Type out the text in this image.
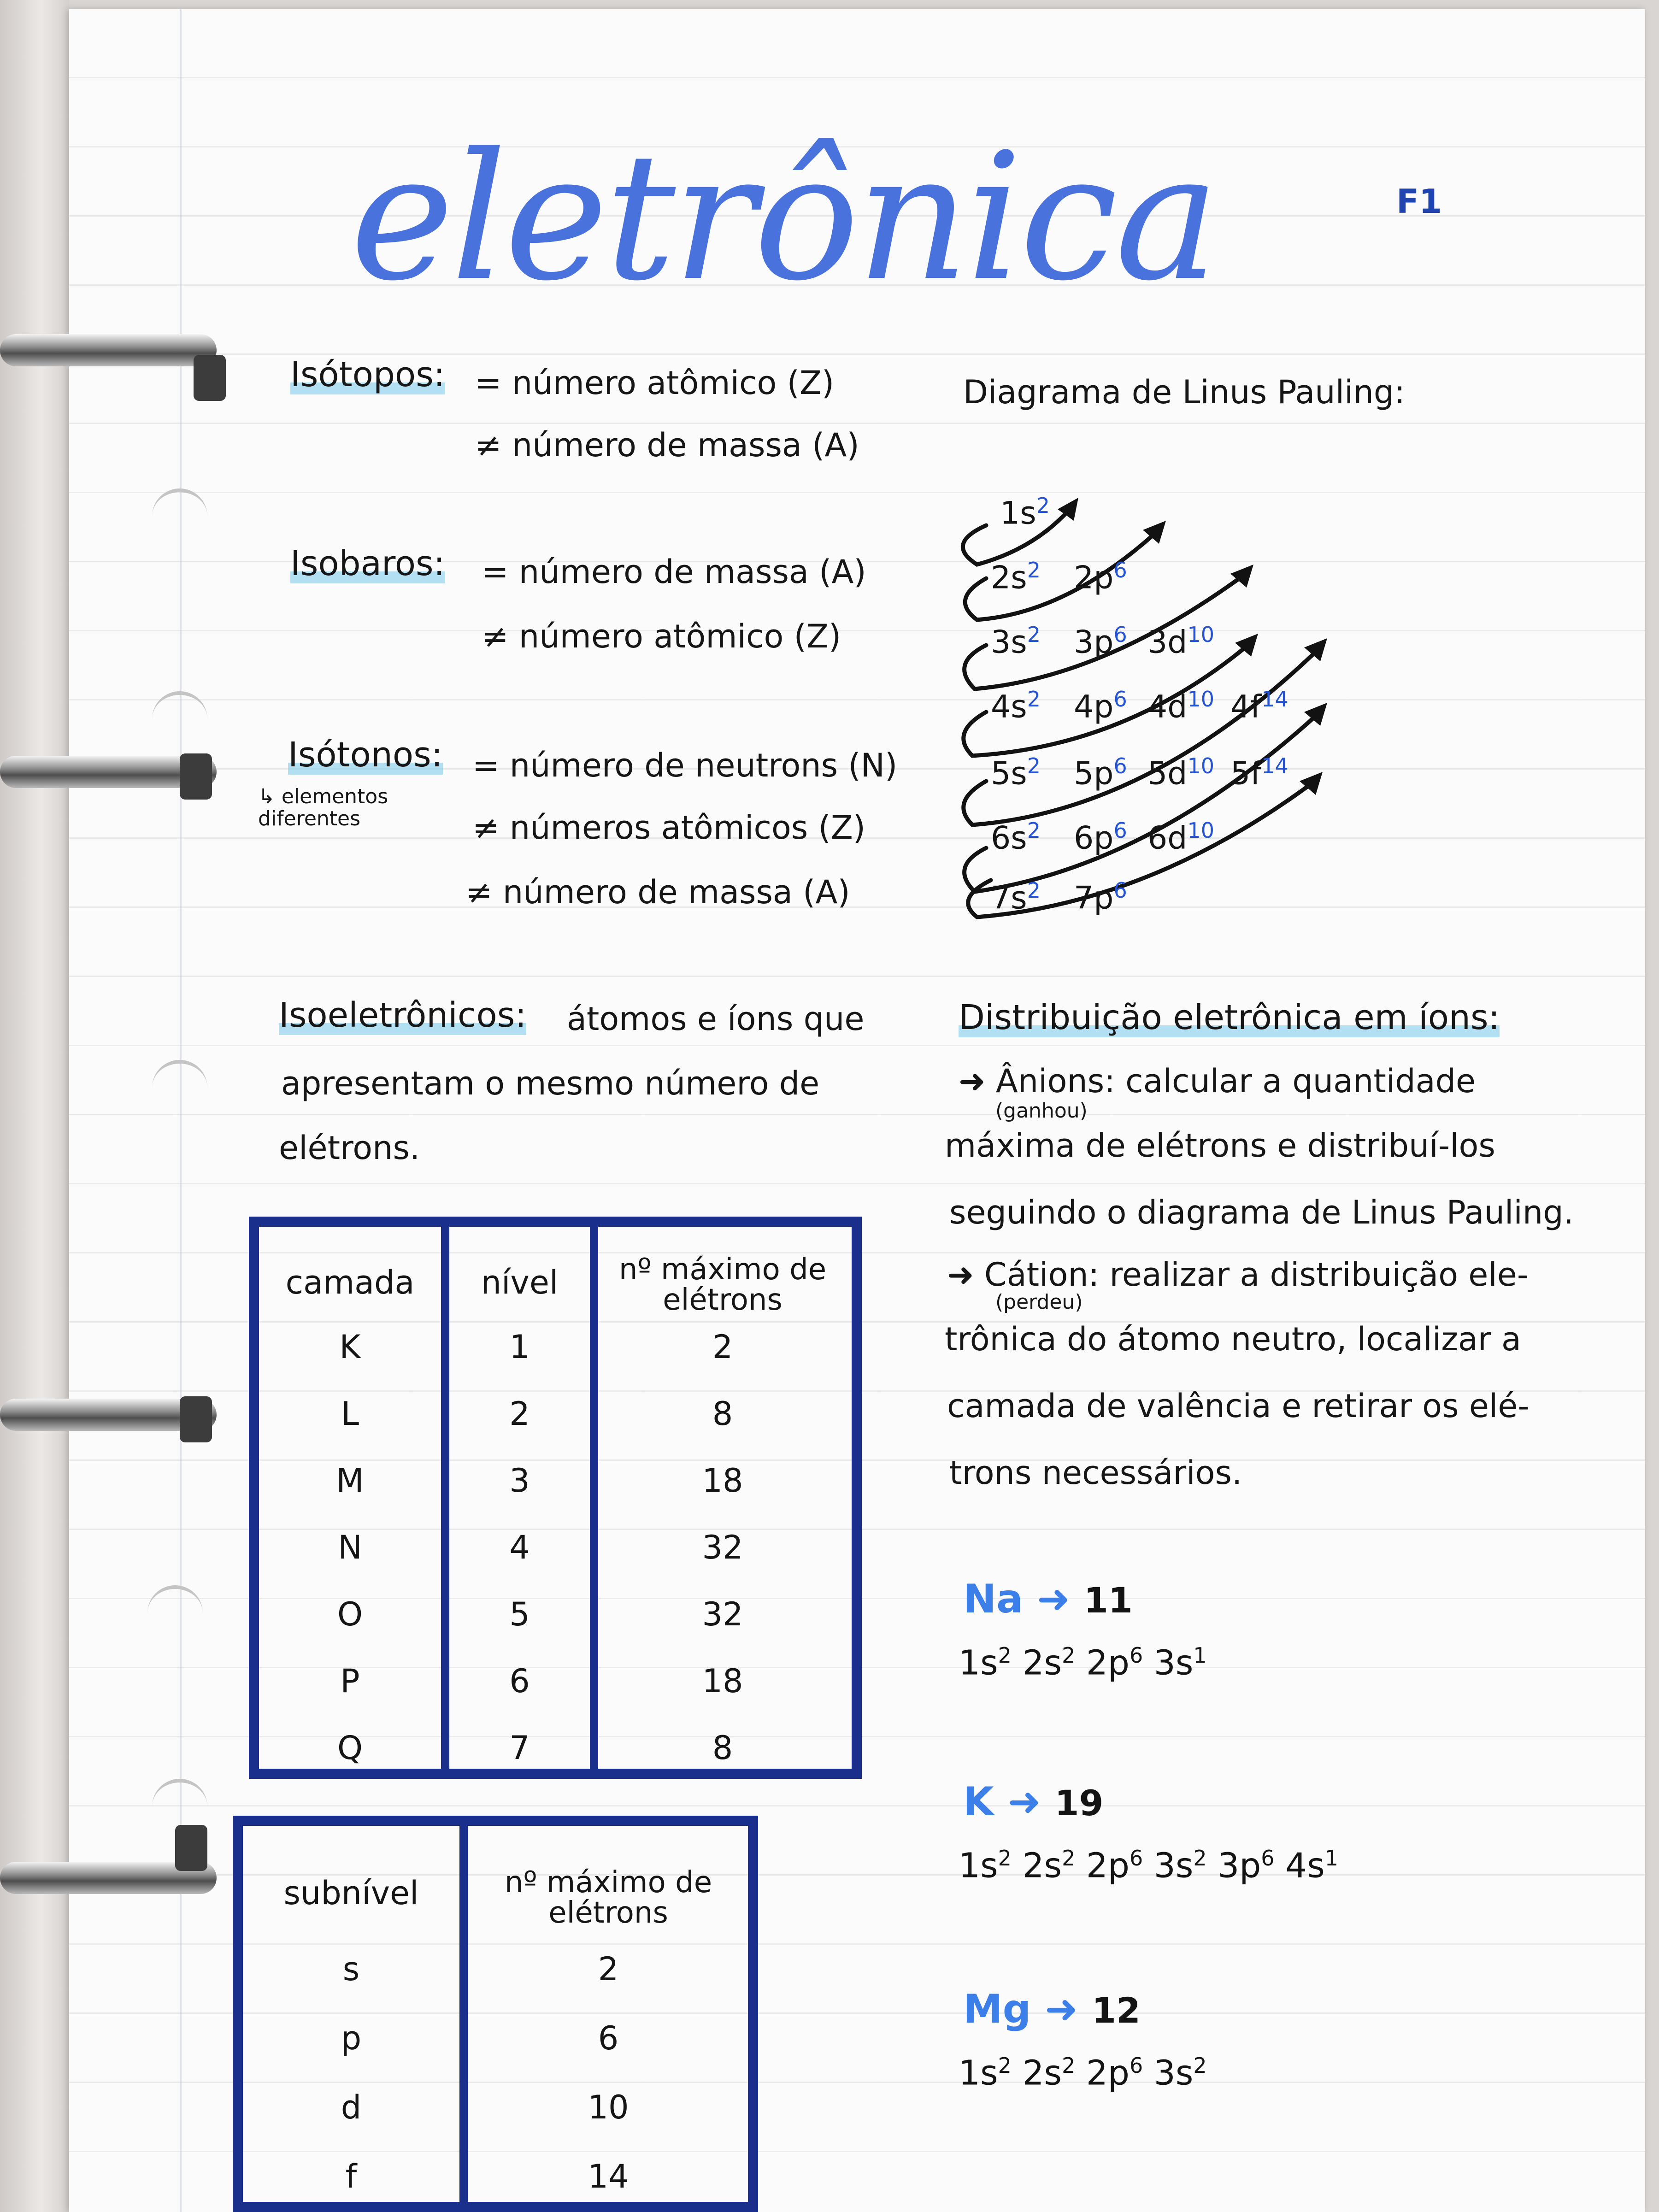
eletrônica	F1
Isótopos: = número atômico (Z)
≠ número de massa (A)
Isobaros: = número de massa (A)
≠ número atômico (Z)
Isótonos:
↳ elementos diferentes
= número de neutrons (N)
≠ números atômicos (Z)
≠ número de massa (A)
Isoeletrônicos: átomos e íons que
apresentam o mesmo número de
elétrons.
Diagrama de Linus Pauling:
$1s^2$
$2s^2$ $2p^6$
$3s^2$ $3p^6$ $3d^{10}$
$4s^2$ $4p^6$ $4d^{10}$ $4f^{14}$
$5s^2$ $5p^6$ $5d^{10}$ $5f^{14}$
$6s^2$ $6p^6$ $6d^{10}$
$7s^2$ $7p^6$
Distribuição eletrônica em íons:
➜ Ânions: calcular a quantidade
(ganhou)
máxima de elétrons e distribuí-los
seguindo o diagrama de Linus Pauling.
➜ Cátion: realizar a distribuição ele-
(perdeu)
trônica do átomo neutro, localizar a
camada de valência e retirar os elé-
trons necessários.
Na ➜ 11
$1s^2$ $2s^2$ $2p^6$ $3s^1$
K ➜ 19
$1s^2$ $2s^2$ $2p^6$ $3s^2$ $3p^6$ $4s^1$
Mg ➜ 12
$1s^2$ $2s^2$ $2p^6$ $3s^2$
camada	nível	nº máximo de elétrons
K	1	2
L	2	8
M	3	18
N	4	32
O	5	32
P	6	18
Q	7	8
subnível	nº máximo de elétrons
s	2
p	6
d	10
f	14
